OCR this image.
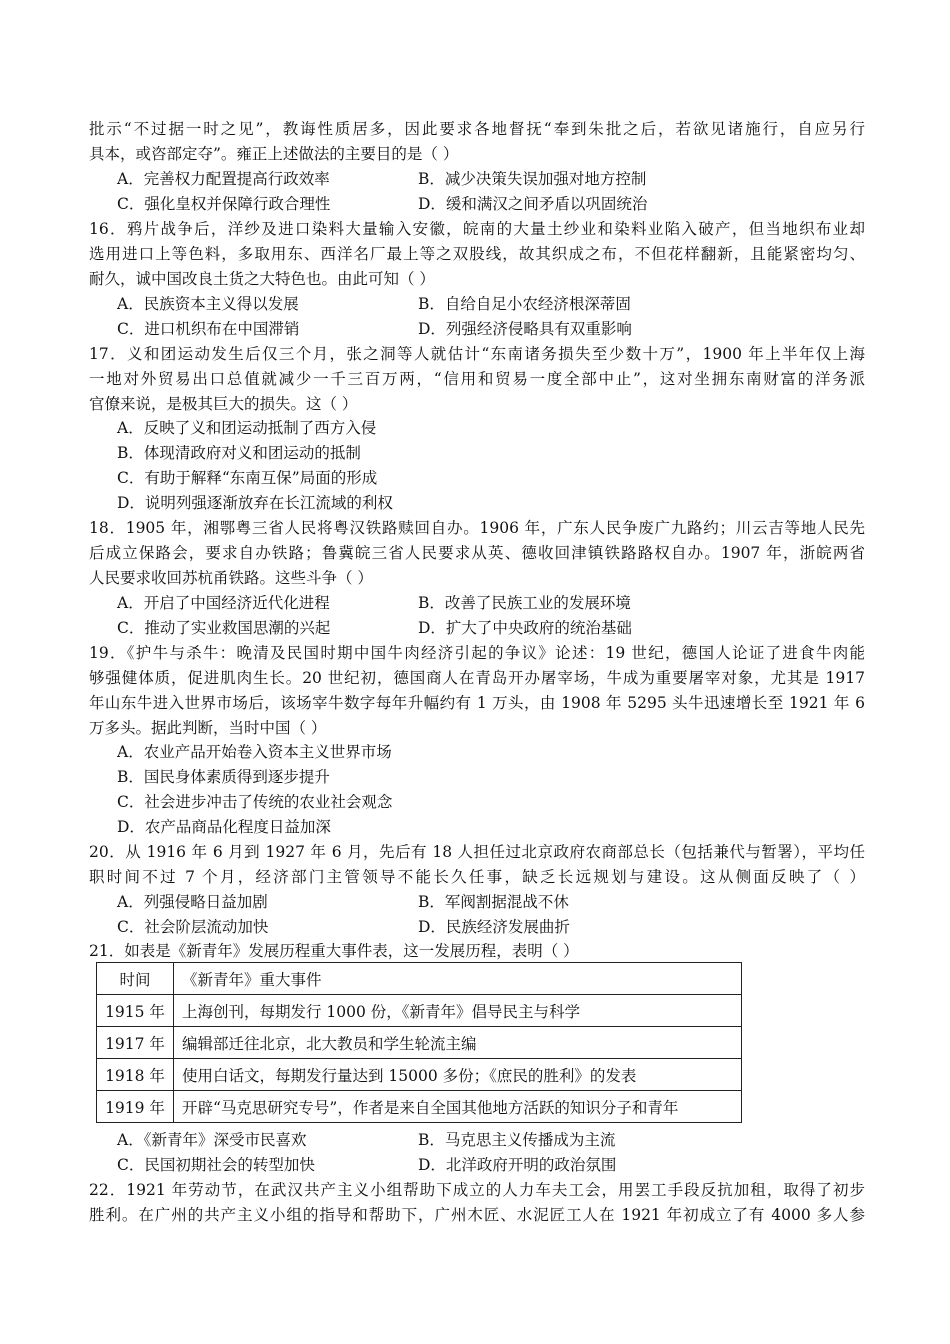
批示“不过据一时之见”，教诲性质居多，因此要求各地督抚“奉到朱批之后，若欲见诸施行，自应另行
具本，或咨部定夺”。雍正上述做法的主要目的是（ ）
A．完善权力配置提高行政效率	B．减少决策失误加强对地方控制
C．强化皇权并保障行政合理性	D．缓和满汉之间矛盾以巩固统治
16．鸦片战争后，洋纱及进口染料大量输入安徽，皖南的大量土纱业和染料业陷入破产，但当地织布业却
选用进口上等色料，多取用东、西洋名厂最上等之双股线，故其织成之布，不但花样翻新，且能紧密均匀、
耐久，诚中国改良土货之大特色也。由此可知（ ）
A．民族资本主义得以发展	B．自给自足小农经济根深蒂固
C．进口机织布在中国滞销	D．列强经济侵略具有双重影响
17．义和团运动发生后仅三个月，张之洞等人就估计“东南诸务损失至少数十万”，1900 年上半年仅上海
一地对外贸易出口总值就减少一千三百万两，“信用和贸易一度全部中止”，这对坐拥东南财富的洋务派
官僚来说，是极其巨大的损失。这（ ）
A．反映了义和团运动抵制了西方入侵
B．体现清政府对义和团运动的抵制
C．有助于解释“东南互保”局面的形成
D．说明列强逐渐放弃在长江流域的利权
18．1905 年，湘鄂粤三省人民将粤汉铁路赎回自办。1906 年，广东人民争废广九路约；川云吉等地人民先
后成立保路会，要求自办铁路；鲁冀皖三省人民要求从英、德收回津镇铁路路权自办。1907 年，浙皖两省
人民要求收回苏杭甬铁路。这些斗争（ ）
A．开启了中国经济近代化进程	B．改善了民族工业的发展环境
C．推动了实业救国思潮的兴起	D．扩大了中央政府的统治基础
19．《护牛与杀牛：晚清及民国时期中国牛肉经济引起的争议》论述：19 世纪，德国人论证了进食牛肉能
够强健体质，促进肌肉生长。20 世纪初，德国商人在青岛开办屠宰场，牛成为重要屠宰对象，尤其是 1917
年山东牛进入世界市场后，该场宰牛数字每年升幅约有 1 万头，由 1908 年 5295 头牛迅速增长至 1921 年 6
万多头。据此判断，当时中国（ ）
A．农业产品开始卷入资本主义世界市场
B．国民身体素质得到逐步提升
C．社会进步冲击了传统的农业社会观念
D．农产品商品化程度日益加深
20．从 1916 年 6 月到 1927 年 6 月，先后有 18 人担任过北京政府农商部总长（包括兼代与暂署），平均任
职时间不过 7 个月，经济部门主管领导不能长久任事，缺乏长远规划与建设。这从侧面反映了（ ）
A．列强侵略日益加剧	B．军阀割据混战不休
C．社会阶层流动加快	D．民族经济发展曲折
21．如表是《新青年》发展历程重大事件表，这一发展历程，表明（ ）
时间	《新青年》重大事件
1915 年	上海创刊，每期发行 1000 份，《新青年》倡导民主与科学
1917 年	编辑部迁往北京，北大教员和学生轮流主编
1918 年	使用白话文，每期发行量达到 15000 多份；《庶民的胜利》的发表
1919 年	开辟“马克思研究专号”，作者是来自全国其他地方活跃的知识分子和青年
A．《新青年》深受市民喜欢	B．马克思主义传播成为主流
C．民国初期社会的转型加快	D．北洋政府开明的政治氛围
22．1921 年劳动节，在武汉共产主义小组帮助下成立的人力车夫工会，用罢工手段反抗加租，取得了初步
胜利。在广州的共产主义小组的指导和帮助下，广州木匠、水泥匠工人在 1921 年初成立了有 4000 多人参
